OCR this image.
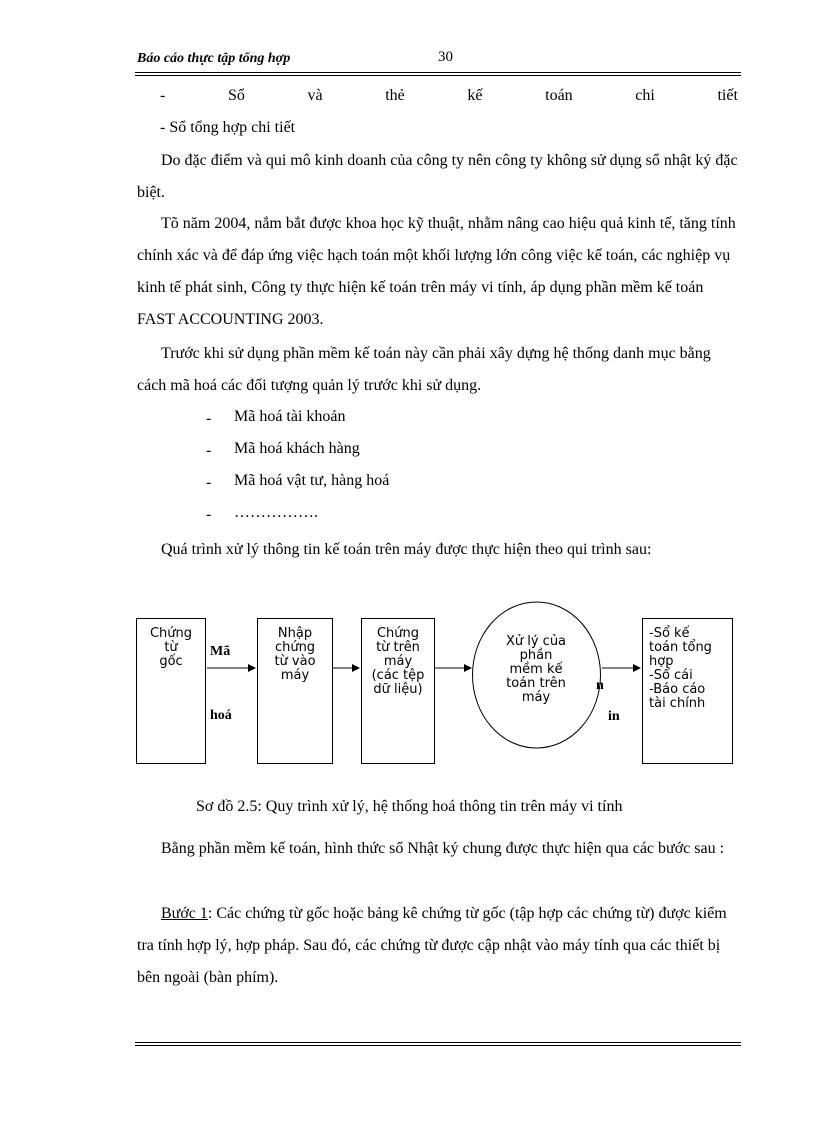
Báo cáo thực tập tổng hợp	30
-	Sổ	và	thẻ	kế	toán	chi	tiết
- Sổ tổng hợp chi tiết

Do đặc điểm và qui mô kinh doanh của công ty nên công ty không sử dụng sổ nhật ký đặc biệt.

Tõ năm 2004, nắm bắt được khoa học kỹ thuật, nhằm nâng cao hiệu quả kinh tế, tăng tính chính xác và để đáp ứng việc hạch toán một khối lượng lớn công việc kế toán, các nghiệp vụ kinh tế phát sinh, Công ty thực hiện kế toán trên máy vi tính, áp dụng phần mềm kế toán FAST ACCOUNTING 2003.

Trước khi sử dụng phần mềm kế toán này cần phải xây dựng hệ thống danh mục bằng cách mã hoá các đối tượng quản lý trước khi sử dụng.

- Mã hoá tài khoản
- Mã hoá khách hàng
- Mã hoá vật tư, hàng hoá
- …………….

Quá trình xử lý thông tin kế toán trên máy được thực hiện theo qui trình sau:

Chứng
từ
gốc
Mã
hoá
Nhập
chứng
từ vào
máy
Chứng
từ trên
máy
(các tệp
dữ liệu)
Xử lý của
phần
mềm kế
toán trên
máy
n
in
-Sổ kế
toán tổng
hợp
-Sổ cái
-Báo cáo
tài chính
Sơ đồ 2.5: Quy trình xử lý, hệ thống hoá thông tin trên máy vi tính

Bằng phần mềm kế toán, hình thức sổ Nhật ký chung được thực hiện qua các bước sau :

Bước 1: Các chứng từ gốc hoặc bảng kê chứng từ gốc (tập hợp các chứng từ) được kiểm tra tính hợp lý, hợp pháp. Sau đó, các chứng từ được cập nhật vào máy tính qua các thiết bị bên ngoài (bàn phím).
